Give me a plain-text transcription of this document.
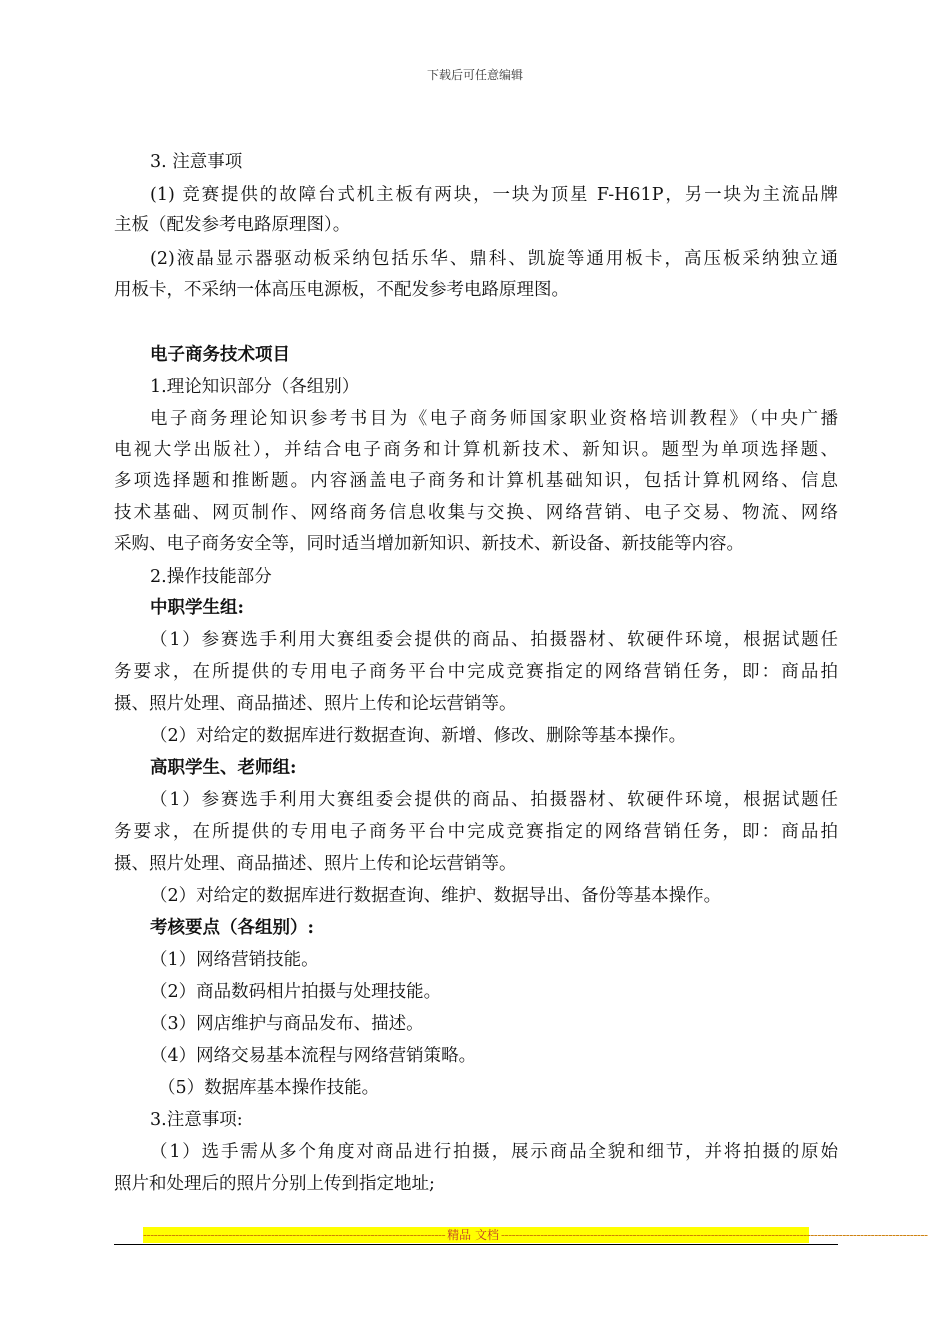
下载后可任意编辑
3. 注意事项
(1) 竞赛提供的故障台式机主板有两块，一块为顶星 F-H61P，另一块为主流品牌
主板（配发参考电路原理图）。
(2)液晶显示器驱动板采纳包括乐华、鼎科、凯旋等通用板卡，高压板采纳独立通
用板卡，不采纳一体高压电源板，不配发参考电路原理图。
电子商务技术项目
1.理论知识部分（各组别）
电子商务理论知识参考书目为《电子商务师国家职业资格培训教程》（中央广播
电视大学出版社），并结合电子商务和计算机新技术、新知识。题型为单项选择题、
多项选择题和推断题。内容涵盖电子商务和计算机基础知识，包括计算机网络、信息
技术基础、网页制作、网络商务信息收集与交换、网络营销、电子交易、物流、网络
采购、电子商务安全等，同时适当增加新知识、新技术、新设备、新技能等内容。
2.操作技能部分
中职学生组:
（1）参赛选手利用大赛组委会提供的商品、拍摄器材、软硬件环境，根据试题任
务要求，在所提供的专用电子商务平台中完成竞赛指定的网络营销任务，即：商品拍
摄、照片处理、商品描述、照片上传和论坛营销等。
（2）对给定的数据库进行数据查询、新增、修改、删除等基本操作。
高职学生、老师组:
（1）参赛选手利用大赛组委会提供的商品、拍摄器材、软硬件环境，根据试题任
务要求，在所提供的专用电子商务平台中完成竞赛指定的网络营销任务，即：商品拍
摄、照片处理、商品描述、照片上传和论坛营销等。
（2）对给定的数据库进行数据查询、维护、数据导出、备份等基本操作。
考核要点（各组别）:
（1）网络营销技能。
（2）商品数码相片拍摄与处理技能。
（3）网店维护与商品发布、描述。
（4）网络交易基本流程与网络营销策略。
（5）数据库基本操作技能。
3.注意事项:
（1）选手需从多个角度对商品进行拍摄，展示商品全貌和细节，并将拍摄的原始
照片和处理后的照片分别上传到指定地址;
------------------------------------------------------------------------------------- 精品 文档 ------------------------------------------------------------------------------------------------------------------------
